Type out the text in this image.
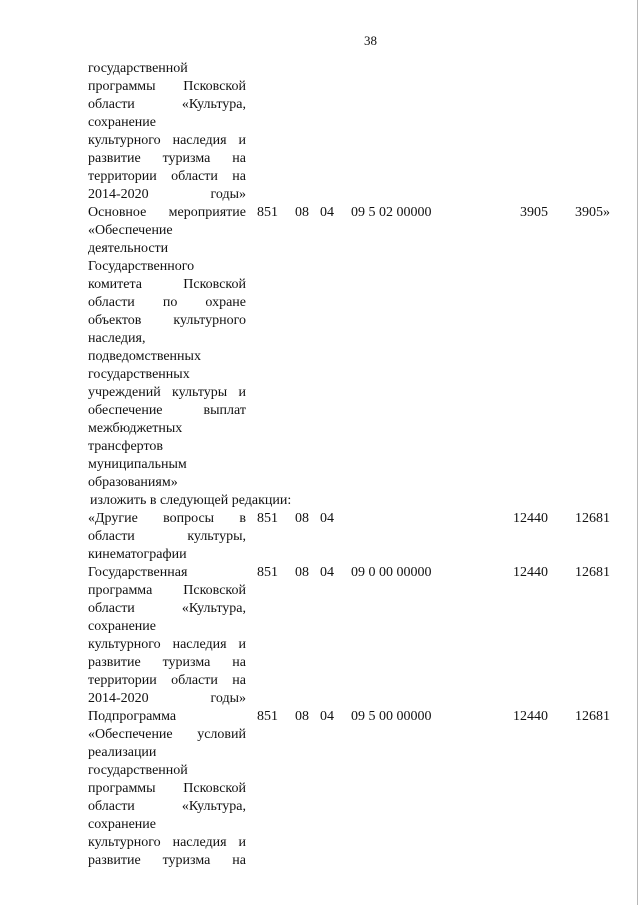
38
государственной
программы Псковской
области «Культура,
сохранение
культурного наследия и
развитие туризма на
территории области на
2014-2020 годы»
Основное мероприятие
«Обеспечение
деятельности
Государственного
комитета Псковской
области по охране
объектов культурного
наследия,
подведомственных
государственных
учреждений культуры и
обеспечение выплат
межбюджетных
трансфертов
муниципальным
образованиям»
851 08 04 09 5 02 00000	3905 3905»
изложить в следующей редакции:
«Другие вопросы в
области культуры,
кинематографии
851 08 04	12440 12681
Государственная
программа Псковской
области «Культура,
сохранение
культурного наследия и
развитие туризма на
территории области на
2014-2020 годы»
851 08 04 09 0 00 00000	12440 12681
Подпрограмма
«Обеспечение условий
реализации
государственной
программы Псковской
области «Культура,
сохранение
культурного наследия и
развитие туризма на
851 08 04 09 5 00 00000	12440 12681
